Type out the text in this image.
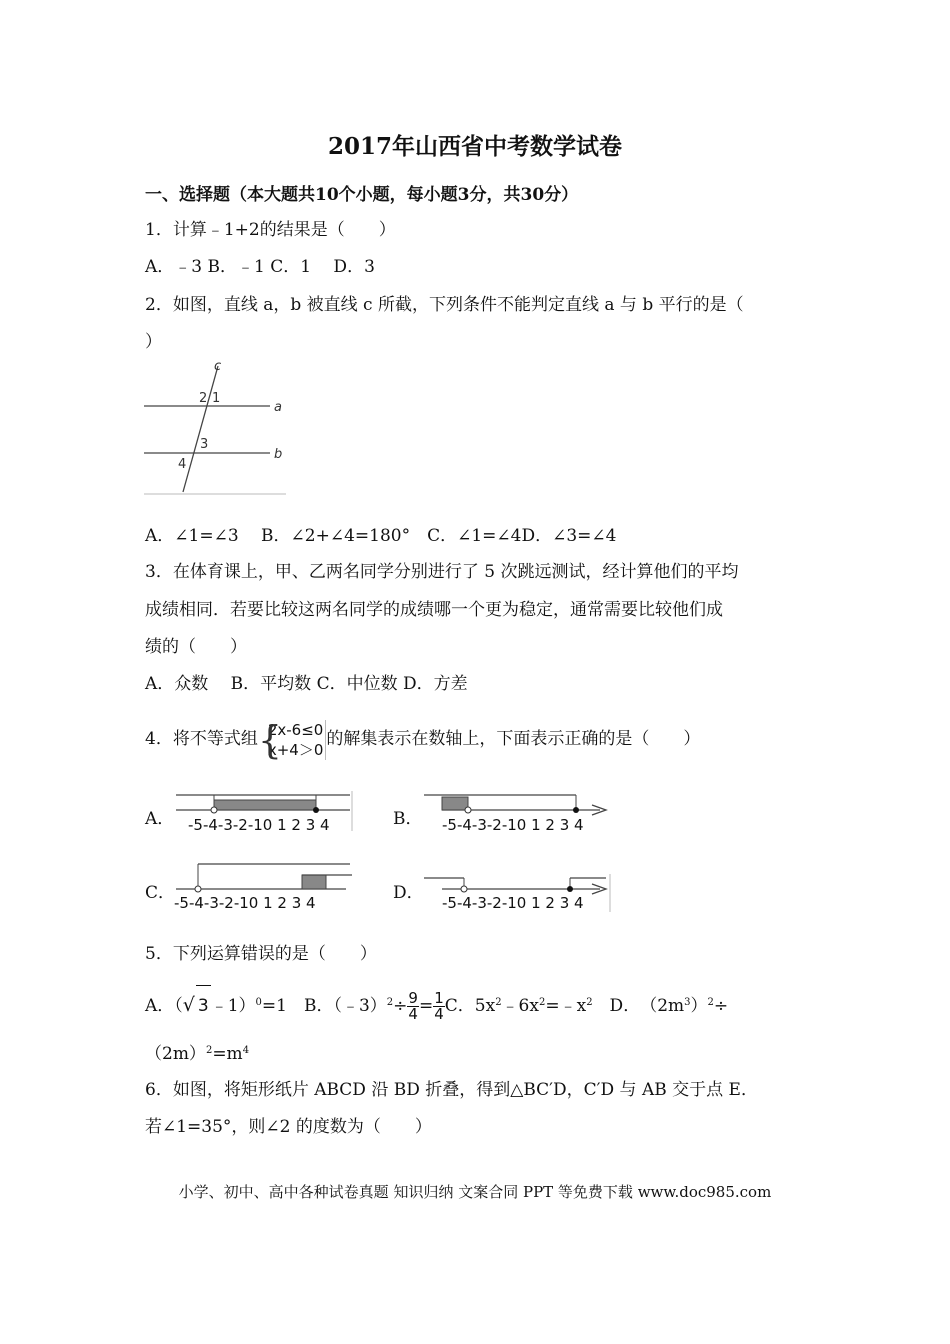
2017年山西省中考数学试卷
一、选择题（本大题共10个小题，每小题3分，共30分）
1．计算﹣1+2的结果是（　　）
A．﹣3 B．﹣1 C．1　 D．3
2．如图，直线 a，b 被直线 c 所截，下列条件不能判定直线 a 与 b 平行的是（
）
c
a
b
2 1
3
4
A．∠1=∠3　 B．∠2+∠4=180°　C．∠1=∠4D．∠3=∠4
3．在体育课上，甲、乙两名同学分别进行了 5 次跳远测试，经计算他们的平均
成绩相同．若要比较这两名同学的成绩哪一个更为稳定，通常需要比较他们成
绩的（　　）
A．众数　 B．平均数 C．中位数 D．方差
4．将不等式组 {
2x-6≤0
x+4＞0
的解集表示在数轴上，下面表示正确的是（　　）
A． -5-4-3-2-10 1 2 3 4	B． -5-4-3-2-10 1 2 3 4
C．
-5-4-3-2-10 1 2 3 4	D． -5-4-3-2-10 1 2 3 4
5．下列运算错误的是（　　）
A．（√ 3 ﹣1）$^0$=1　B．（﹣3）$^2$÷ $\frac{9}{4} = \frac{1}{4}$ C．$5x^2﹣6x^2=﹣x^2$　D．　$(2m^3)^2\div$
$(2m)^2=m^4$
6．如图，将矩形纸片 ABCD 沿 BD 折叠，得到△BC′D，C′D 与 AB 交于点 E．
若∠1=35°，则∠2 的度数为（　　）
小学、初中、高中各种试卷真题 知识归纳 文案合同 PPT 等免费下载 www.doc985.com
